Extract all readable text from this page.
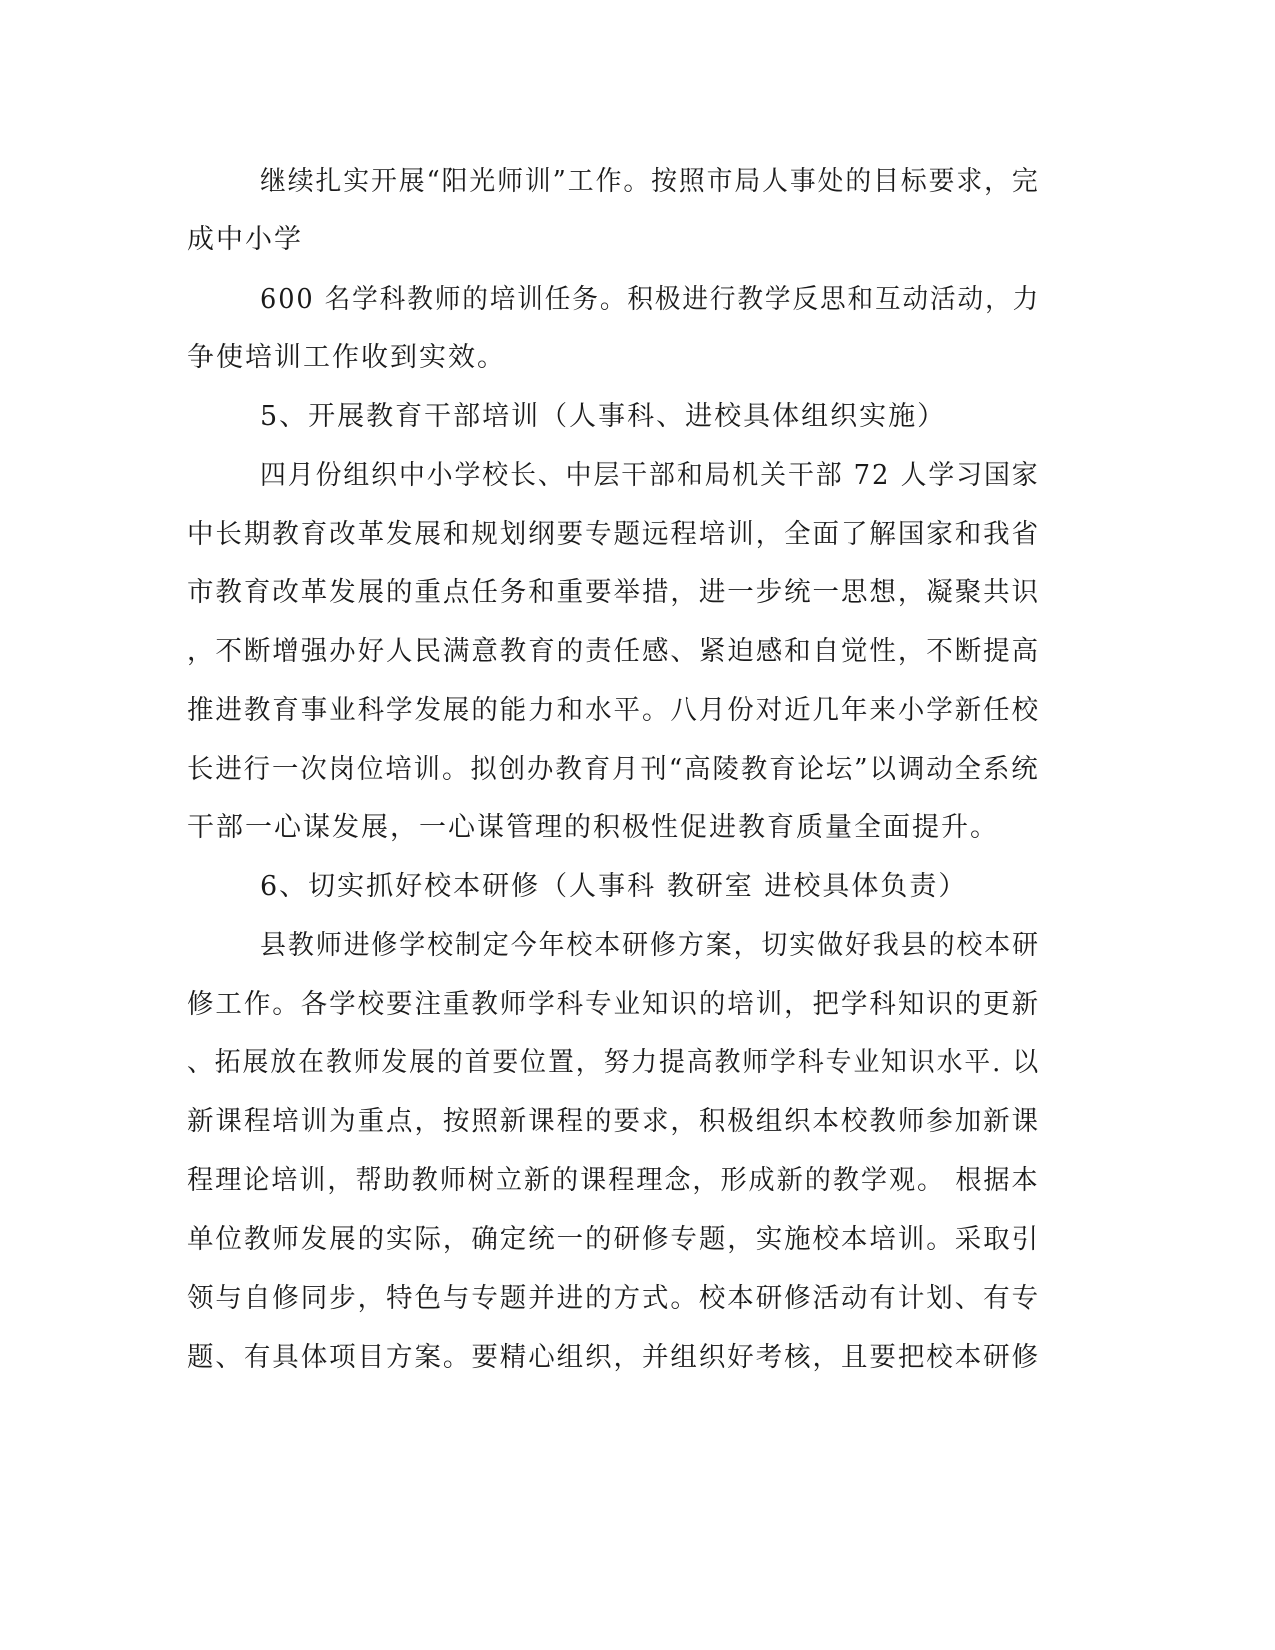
继续扎实开展“阳光师训”工作。按照市局人事处的目标要求，完
成中小学
600 名学科教师的培训任务。积极进行教学反思和互动活动，力
争使培训工作收到实效。
5、开展教育干部培训（人事科、进校具体组织实施）
四月份组织中小学校长、中层干部和局机关干部 72 人学习国家
中长期教育改革发展和规划纲要专题远程培训，全面了解国家和我省
市教育改革发展的重点任务和重要举措，进一步统一思想，凝聚共识
，不断增强办好人民满意教育的责任感、紧迫感和自觉性，不断提高
推进教育事业科学发展的能力和水平。八月份对近几年来小学新任校
长进行一次岗位培训。拟创办教育月刊“高陵教育论坛”以调动全系统
干部一心谋发展，一心谋管理的积极性促进教育质量全面提升。
6、切实抓好校本研修（人事科 教研室 进校具体负责）
县教师进修学校制定今年校本研修方案，切实做好我县的校本研
修工作。各学校要注重教师学科专业知识的培训，把学科知识的更新
、拓展放在教师发展的首要位置，努力提高教师学科专业知识水平. 以
新课程培训为重点，按照新课程的要求，积极组织本校教师参加新课
程理论培训，帮助教师树立新的课程理念，形成新的教学观。 根据本
单位教师发展的实际，确定统一的研修专题，实施校本培训。采取引
领与自修同步，特色与专题并进的方式。校本研修活动有计划、有专
题、有具体项目方案。要精心组织，并组织好考核，且要把校本研修
